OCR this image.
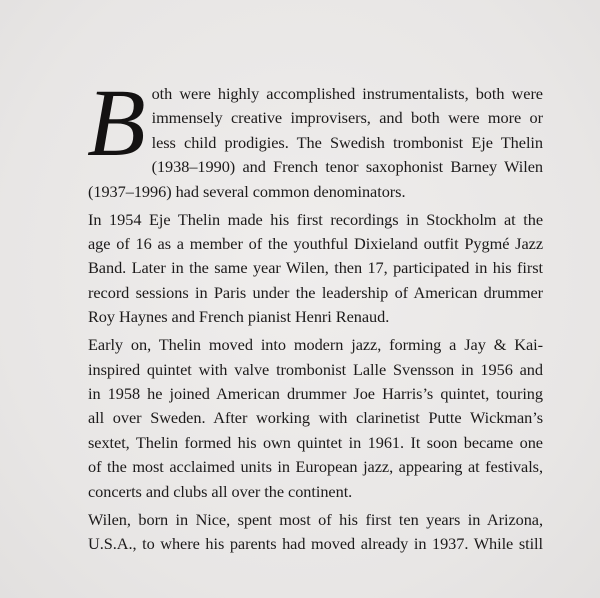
B oth were highly accomplished instrumentalists, both were
immensely creative improvisers, and both were more or
less child prodigies. The Swedish trombonist Eje Thelin
(1938–1990) and French tenor saxophonist Barney Wilen
(1937–1996) had several common denominators.

In 1954 Eje Thelin made his first recordings in Stockholm at the
age of 16 as a member of the youthful Dixieland outfit Pygmé Jazz
Band. Later in the same year Wilen, then 17, participated in his first
record sessions in Paris under the leadership of American drummer
Roy Haynes and French pianist Henri Renaud.

Early on, Thelin moved into modern jazz, forming a Jay & Kai-
inspired quintet with valve trombonist Lalle Svensson in 1956 and
in 1958 he joined American drummer Joe Harris’s quintet, touring
all over Sweden. After working with clarinetist Putte Wickman’s
sextet, Thelin formed his own quintet in 1961. It soon became one
of the most acclaimed units in European jazz, appearing at festivals,
concerts and clubs all over the continent.

Wilen, born in Nice, spent most of his first ten years in Arizona,
U.S.A., to where his parents had moved already in 1937. While still
